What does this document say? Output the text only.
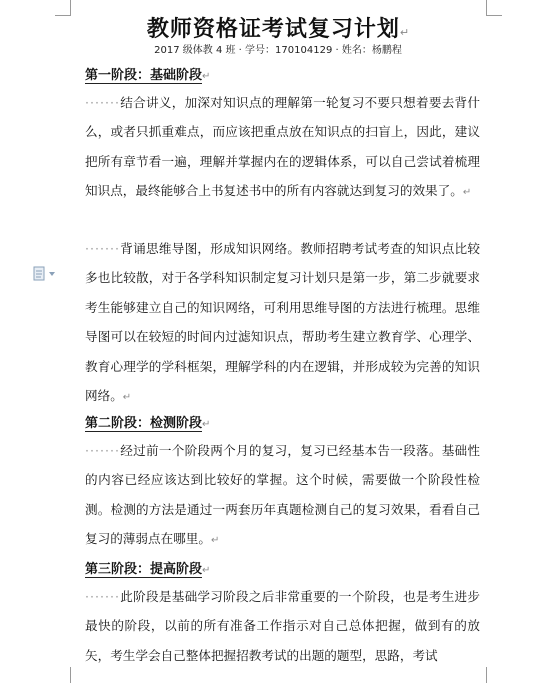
教师资格证考试复习计划↵
2017 级体教 4 班 · 学号：170104129 · 姓名：杨鹏程
第一阶段：基础阶段↵
·······结合讲义，加深对知识点的理解第一轮复习不要只想着要去背什么，或者只抓重难点，而应该把重点放在知识点的扫盲上，因此，建议把所有章节看一遍，理解并掌握内在的逻辑体系，可以自己尝试着梳理知识点，最终能够合上书复述书中的所有内容就达到复习的效果了。↵
·······背诵思维导图，形成知识网络。教师招聘考试考查的知识点比较多也比较散，对于各学科知识制定复习计划只是第一步，第二步就要求考生能够建立自己的知识网络，可利用思维导图的方法进行梳理。思维导图可以在较短的时间内过滤知识点，帮助考生建立教育学、心理学、教育心理学的学科框架，理解学科的内在逻辑，并形成较为完善的知识网络。↵
第二阶段：检测阶段↵
·······经过前一个阶段两个月的复习，复习已经基本告一段落。基础性的内容已经应该达到比较好的掌握。这个时候，需要做一个阶段性检测。检测的方法是通过一两套历年真题检测自己的复习效果，看看自己复习的薄弱点在哪里。↵
第三阶段：提高阶段↵
·······此阶段是基础学习阶段之后非常重要的一个阶段，也是考生进步最快的阶段，以前的所有准备工作指示对自己总体把握，做到有的放矢，考生学会自己整体把握招教考试的出题的题型，思路，考试
